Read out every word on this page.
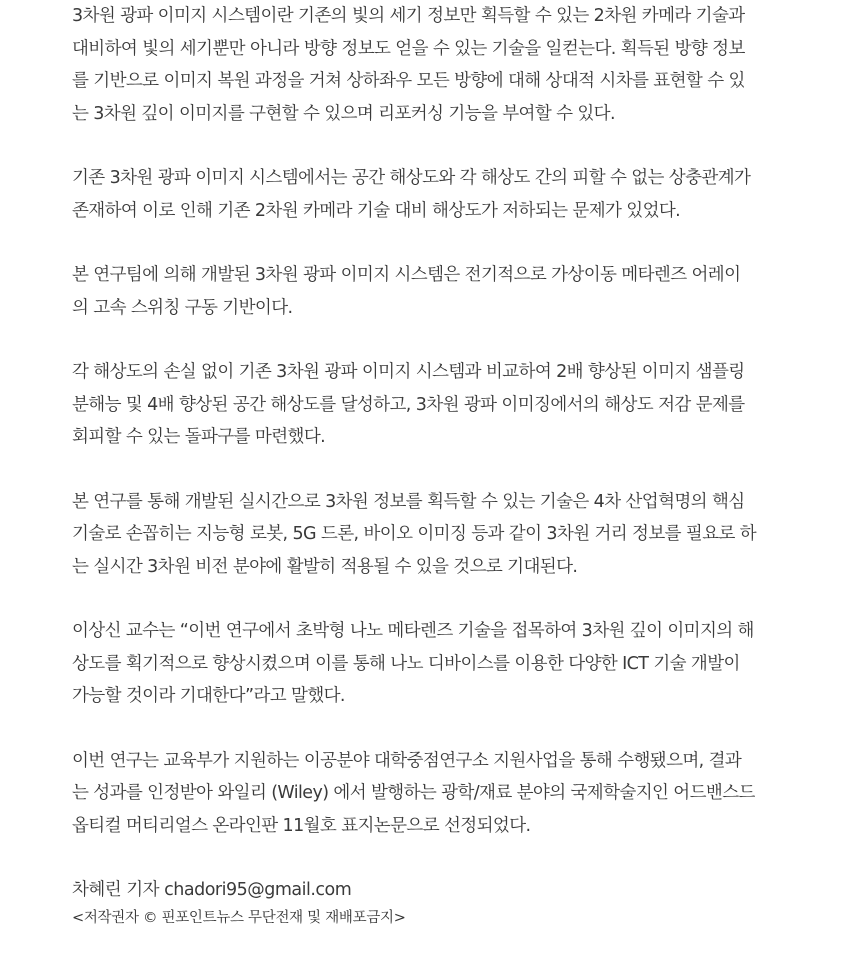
3차원 광파 이미지 시스템이란 기존의 빛의 세기 정보만 획득할 수 있는 2차원 카메라 기술과
대비하여 빛의 세기뿐만 아니라 방향 정보도 얻을 수 있는 기술을 일컫는다. 획득된 방향 정보
를 기반으로 이미지 복원 과정을 거쳐 상하좌우 모든 방향에 대해 상대적 시차를 표현할 수 있
는 3차원 깊이 이미지를 구현할 수 있으며 리포커싱 기능을 부여할 수 있다.

기존 3차원 광파 이미지 시스템에서는 공간 해상도와 각 해상도 간의 피할 수 없는 상충관계가
존재하여 이로 인해 기존 2차원 카메라 기술 대비 해상도가 저하되는 문제가 있었다.

본 연구팀에 의해 개발된 3차원 광파 이미지 시스템은 전기적으로 가상이동 메타렌즈 어레이
의 고속 스위칭 구동 기반이다.

각 해상도의 손실 없이 기존 3차원 광파 이미지 시스템과 비교하여 2배 향상된 이미지 샘플링
분해능 및 4배 향상된 공간 해상도를 달성하고, 3차원 광파 이미징에서의 해상도 저감 문제를
회피할 수 있는 돌파구를 마련했다.

본 연구를 통해 개발된 실시간으로 3차원 정보를 획득할 수 있는 기술은 4차 산업혁명의 핵심
기술로 손꼽히는 지능형 로봇, 5G 드론, 바이오 이미징 등과 같이 3차원 거리 정보를 필요로 하
는 실시간 3차원 비전 분야에 활발히 적용될 수 있을 것으로 기대된다.

이상신 교수는 “이번 연구에서 초박형 나노 메타렌즈 기술을 접목하여 3차원 깊이 이미지의 해
상도를 획기적으로 향상시켰으며 이를 통해 나노 디바이스를 이용한 다양한 ICT 기술 개발이
가능할 것이라 기대한다”라고 말했다.

이번 연구는 교육부가 지원하는 이공분야 대학중점연구소 지원사업을 통해 수행됐으며, 결과
는 성과를 인정받아 와일리 (Wiley) 에서 발행하는 광학/재료 분야의 국제학술지인 어드밴스드
옵티컬 머티리얼스 온라인판 11월호 표지논문으로 선정되었다.

차혜린 기자 chadori95@gmail.com

<저작권자 © 핀포인트뉴스 무단전재 및 재배포금지>
